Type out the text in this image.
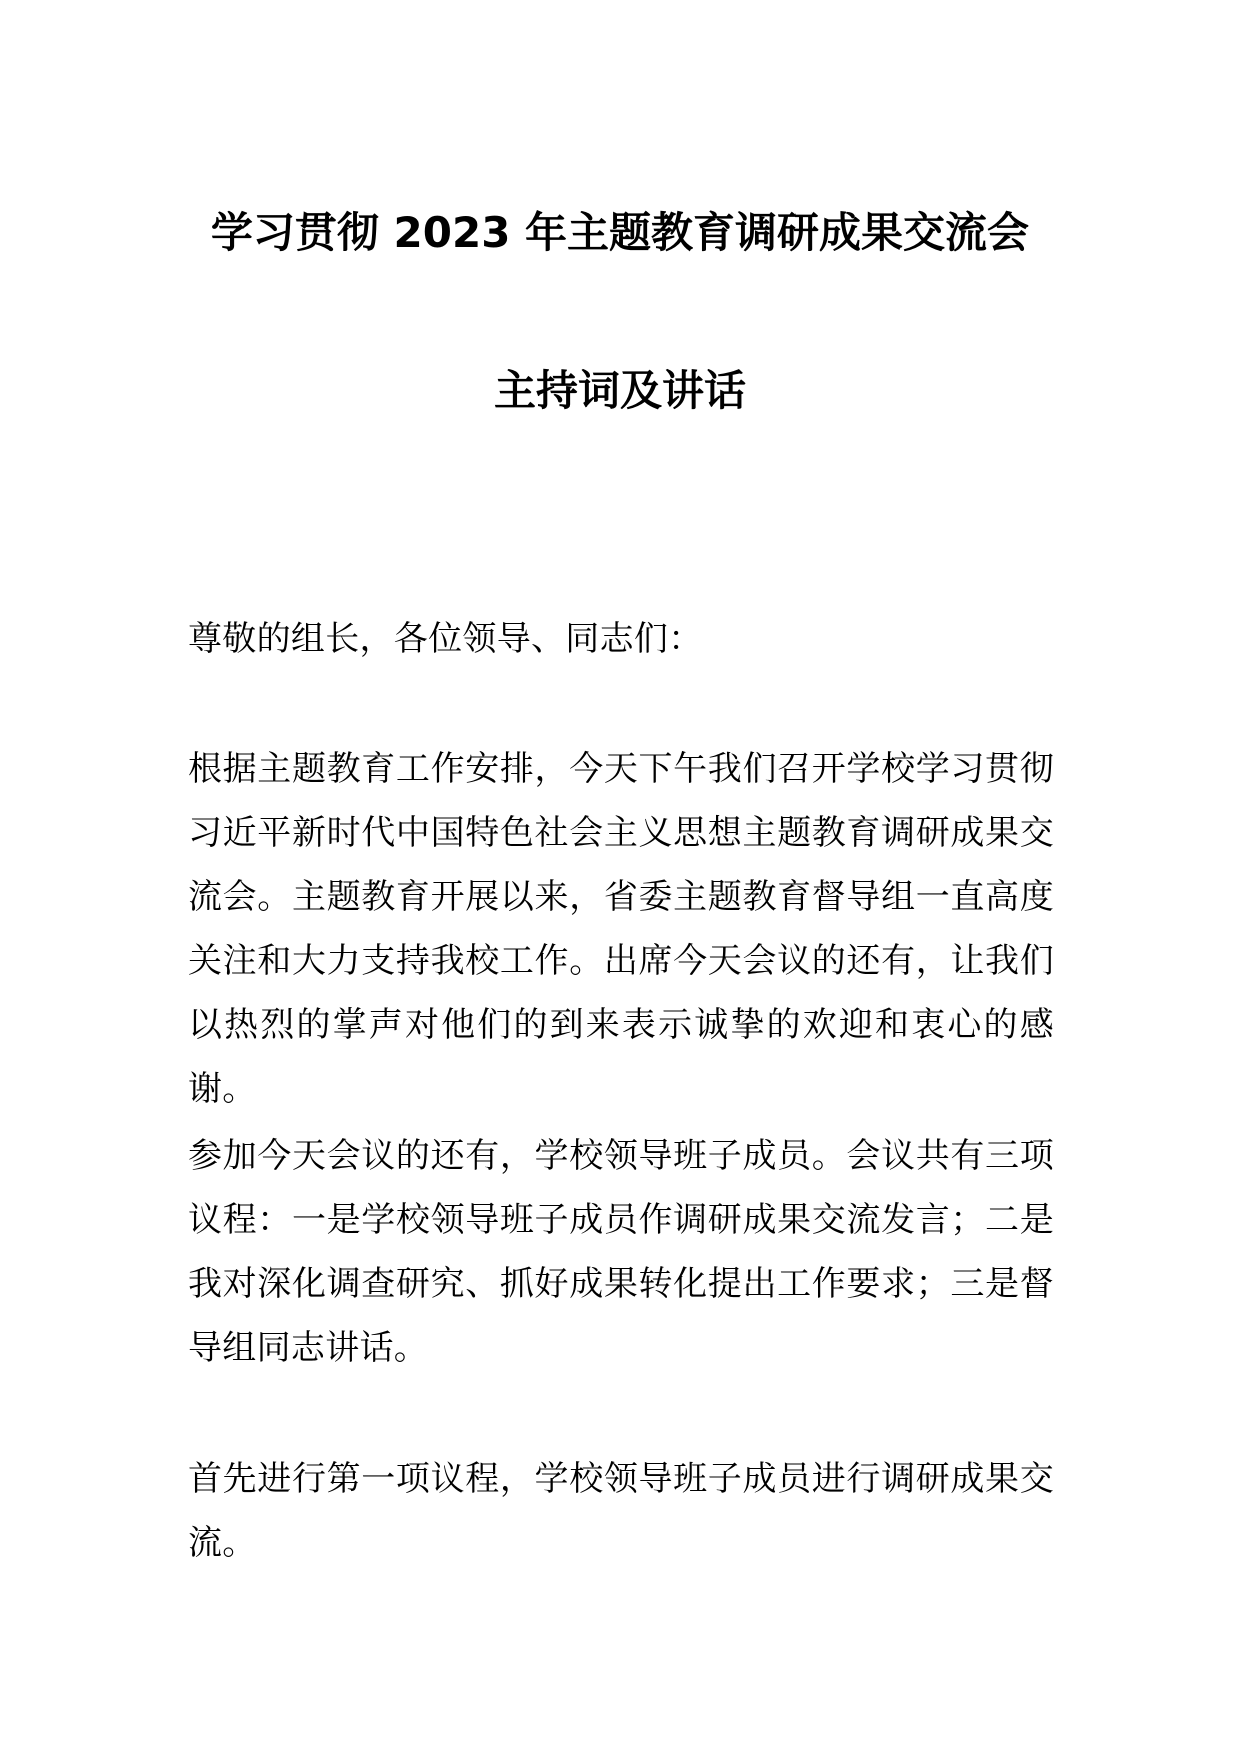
学习贯彻 2023 年主题教育调研成果交流会
主持词及讲话

尊敬的组长，各位领导、同志们：

根据主题教育工作安排，今天下午我们召开学校学习贯彻习近平新时代中国特色社会主义思想主题教育调研成果交流会。主题教育开展以来，省委主题教育督导组一直高度关注和大力支持我校工作。出席今天会议的还有，让我们以热烈的掌声对他们的到来表示诚挚的欢迎和衷心的感谢。

参加今天会议的还有，学校领导班子成员。会议共有三项议程：一是学校领导班子成员作调研成果交流发言；二是我对深化调查研究、抓好成果转化提出工作要求；三是督导组同志讲话。

首先进行第一项议程，学校领导班子成员进行调研成果交流。
